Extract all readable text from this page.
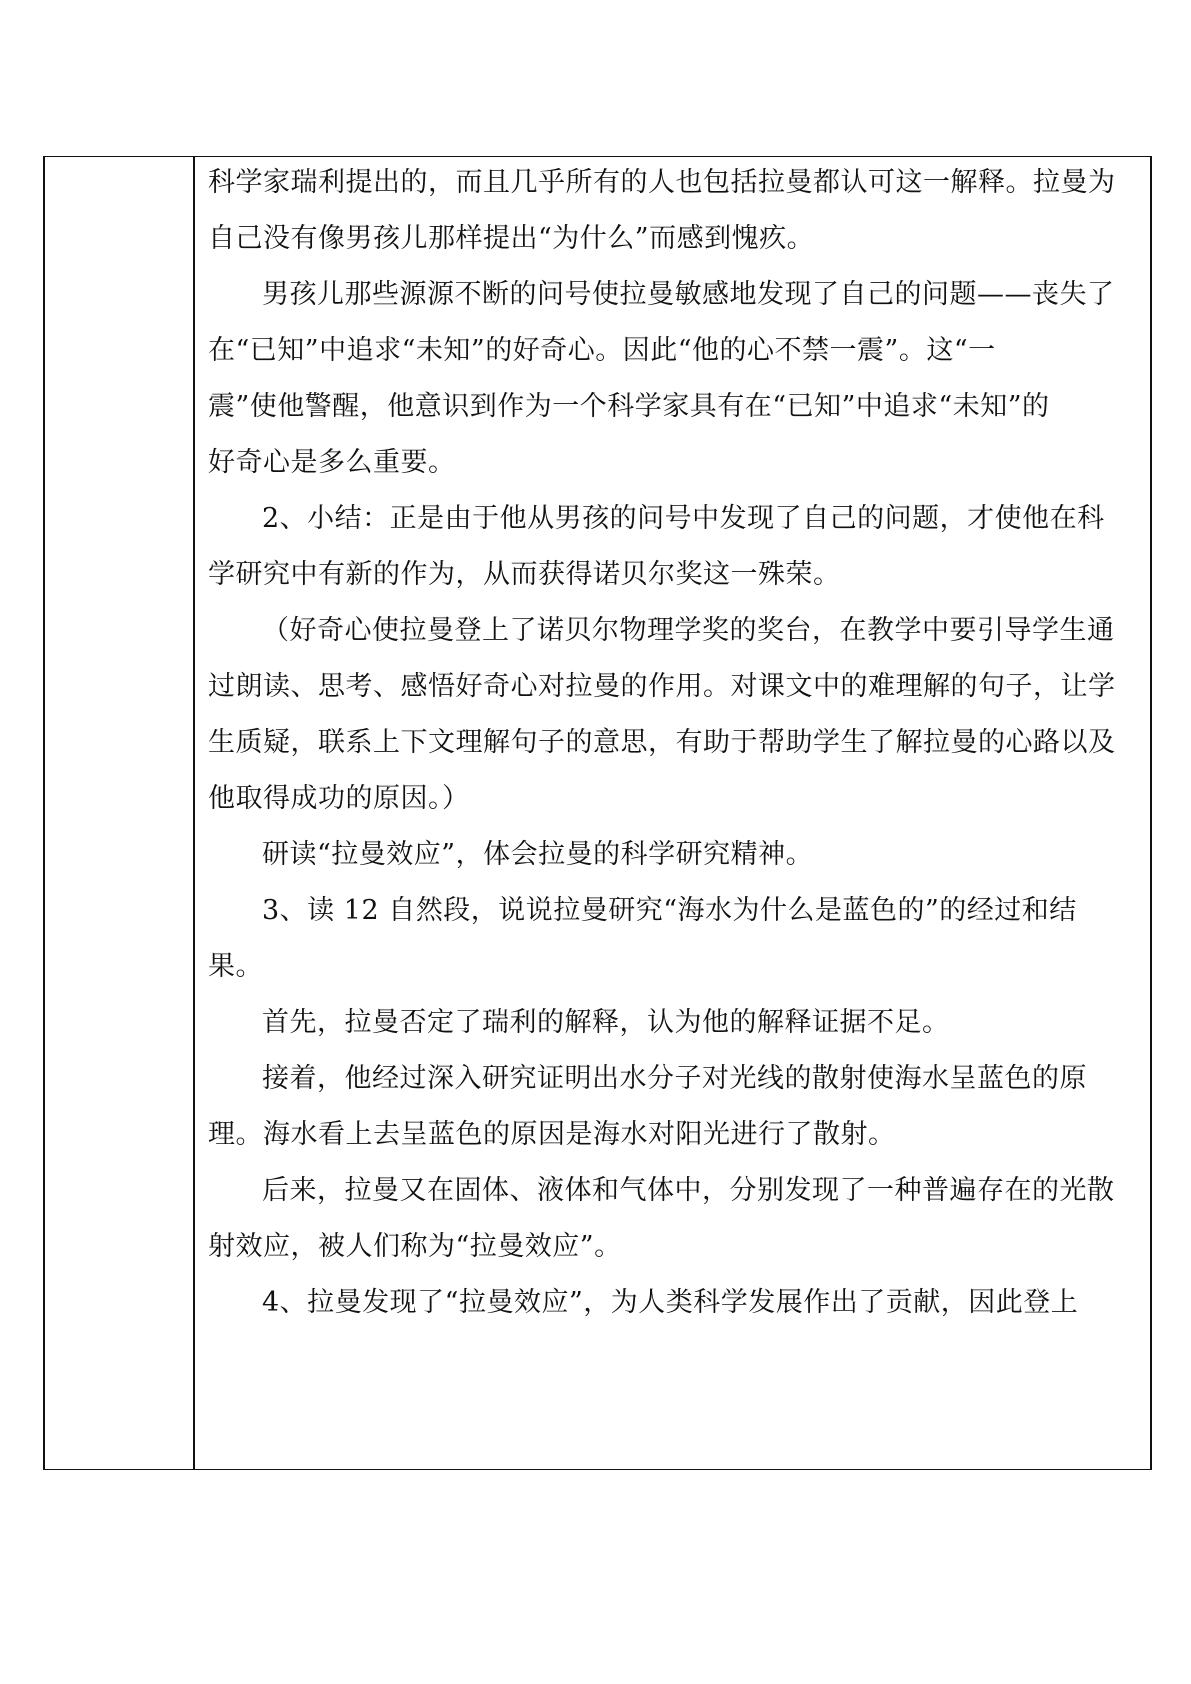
科学家瑞利提出的，而且几乎所有的人也包括拉曼都认可这一解释。拉曼为
自己没有像男孩儿那样提出“为什么”而感到愧疚。
男孩儿那些源源不断的问号使拉曼敏感地发现了自己的问题——丧失了
在“已知”中追求“未知”的好奇心。因此“他的心不禁一震”。这“一
震”使他警醒，他意识到作为一个科学家具有在“已知”中追求“未知”的
好奇心是多么重要。
2、小结：正是由于他从男孩的问号中发现了自己的问题，才使他在科
学研究中有新的作为，从而获得诺贝尔奖这一殊荣。
（好奇心使拉曼登上了诺贝尔物理学奖的奖台，在教学中要引导学生通
过朗读、思考、感悟好奇心对拉曼的作用。对课文中的难理解的句子，让学
生质疑，联系上下文理解句子的意思，有助于帮助学生了解拉曼的心路以及
他取得成功的原因。）
研读“拉曼效应”，体会拉曼的科学研究精神。
3、读 12 自然段，说说拉曼研究“海水为什么是蓝色的”的经过和结
果。
首先，拉曼否定了瑞利的解释，认为他的解释证据不足。
接着，他经过深入研究证明出水分子对光线的散射使海水呈蓝色的原
理。海水看上去呈蓝色的原因是海水对阳光进行了散射。
后来，拉曼又在固体、液体和气体中，分别发现了一种普遍存在的光散
射效应，被人们称为“拉曼效应”。
4、拉曼发现了“拉曼效应”，为人类科学发展作出了贡献，因此登上
